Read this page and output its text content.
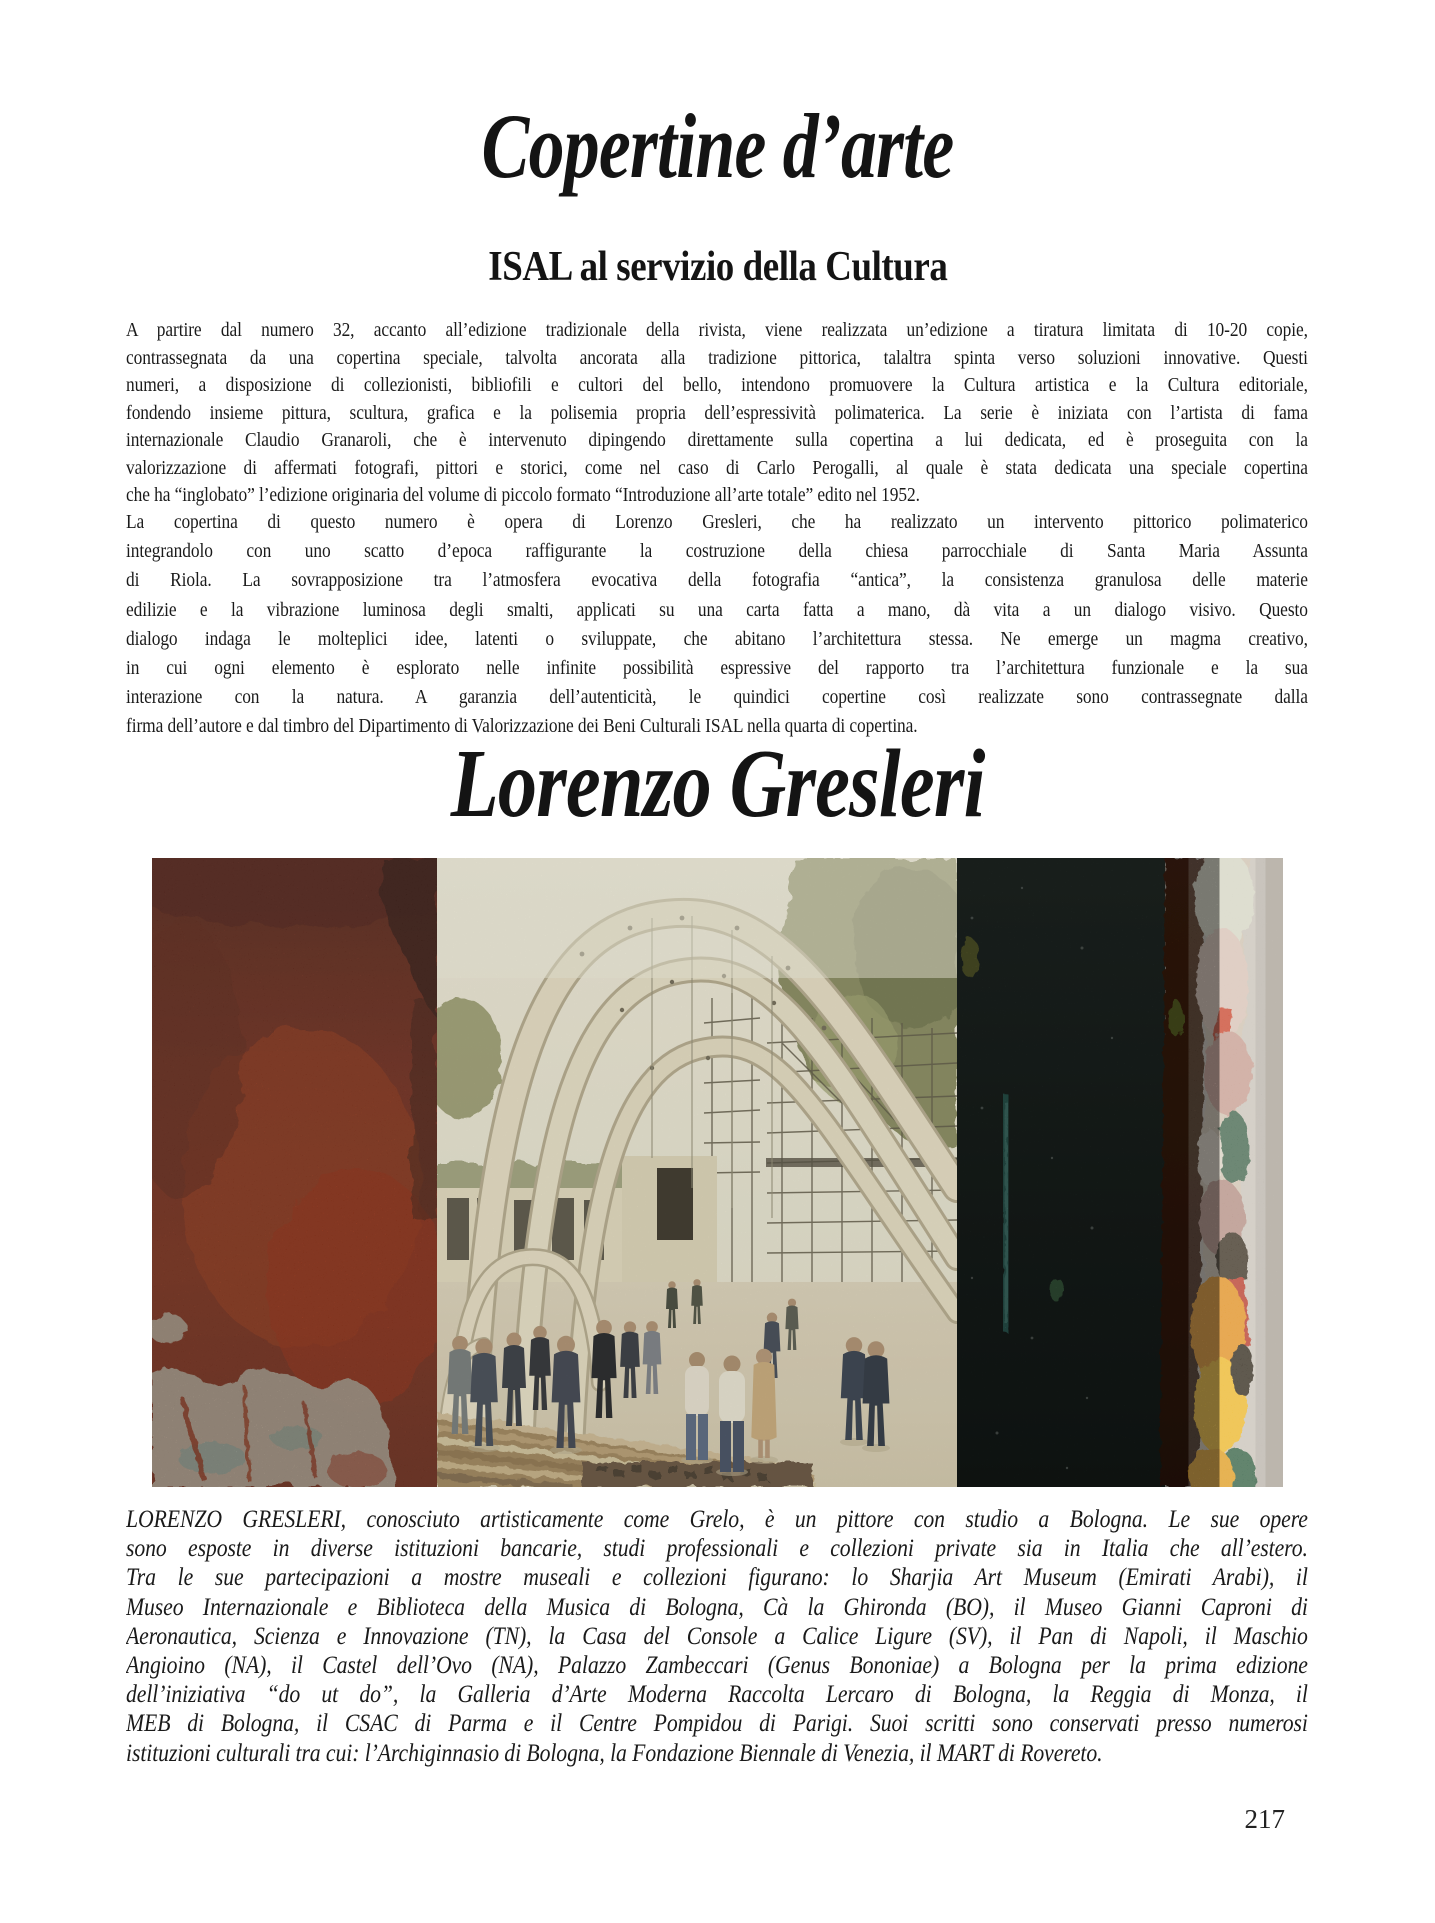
Copertine d’arte
ISAL al servizio della Cultura
A partire dal numero 32, accanto all’edizione tradizionale della rivista, viene realizzata un’edizione a tiratura limitata di 10-20 copie,
contrassegnata da una copertina speciale, talvolta ancorata alla tradizione pittorica, talaltra spinta verso soluzioni innovative. Questi
numeri, a disposizione di collezionisti, bibliofili e cultori del bello, intendono promuovere la Cultura artistica e la Cultura editoriale,
fondendo insieme pittura, scultura, grafica e la polisemia propria dell’espressività polimaterica. La serie è iniziata con l’artista di fama
internazionale Claudio Granaroli, che è intervenuto dipingendo direttamente sulla copertina a lui dedicata, ed è proseguita con la
valorizzazione di affermati fotografi, pittori e storici, come nel caso di Carlo Perogalli, al quale è stata dedicata una speciale copertina
che ha “inglobato” l’edizione originaria del volume di piccolo formato “Introduzione all’arte totale” edito nel 1952.
La copertina di questo numero è opera di Lorenzo Gresleri, che ha realizzato un intervento pittorico polimaterico
integrandolo con uno scatto d’epoca raffigurante la costruzione della chiesa parrocchiale di Santa Maria Assunta
di Riola. La sovrapposizione tra l’atmosfera evocativa della fotografia “antica”, la consistenza granulosa delle materie
edilizie e la vibrazione luminosa degli smalti, applicati su una carta fatta a mano, dà vita a un dialogo visivo. Questo
dialogo indaga le molteplici idee, latenti o sviluppate, che abitano l’architettura stessa. Ne emerge un magma creativo,
in cui ogni elemento è esplorato nelle infinite possibilità espressive del rapporto tra l’architettura funzionale e la sua
interazione con la natura. A garanzia dell’autenticità, le quindici copertine così realizzate sono contrassegnate dalla
firma dell’autore e dal timbro del Dipartimento di Valorizzazione dei Beni Culturali ISAL nella quarta di copertina.
Lorenzo Gresleri
LORENZO GRESLERI, conosciuto artisticamente come Grelo, è un pittore con studio a Bologna. Le sue opere
sono esposte in diverse istituzioni bancarie, studi professionali e collezioni private sia in Italia che all’estero.
Tra le sue partecipazioni a mostre museali e collezioni figurano: lo Sharjia Art Museum (Emirati Arabi), il
Museo Internazionale e Biblioteca della Musica di Bologna, Cà la Ghironda (BO), il Museo Gianni Caproni di
Aeronautica, Scienza e Innovazione (TN), la Casa del Console a Calice Ligure (SV), il Pan di Napoli, il Maschio
Angioino (NA), il Castel dell’Ovo (NA), Palazzo Zambeccari (Genus Bononiae) a Bologna per la prima edizione
dell’iniziativa “do ut do”, la Galleria d’Arte Moderna Raccolta Lercaro di Bologna, la Reggia di Monza, il
MEB di Bologna, il CSAC di Parma e il Centre Pompidou di Parigi. Suoi scritti sono conservati presso numerosi
istituzioni culturali tra cui: l’Archiginnasio di Bologna, la Fondazione Biennale di Venezia, il MART di Rovereto.
217
